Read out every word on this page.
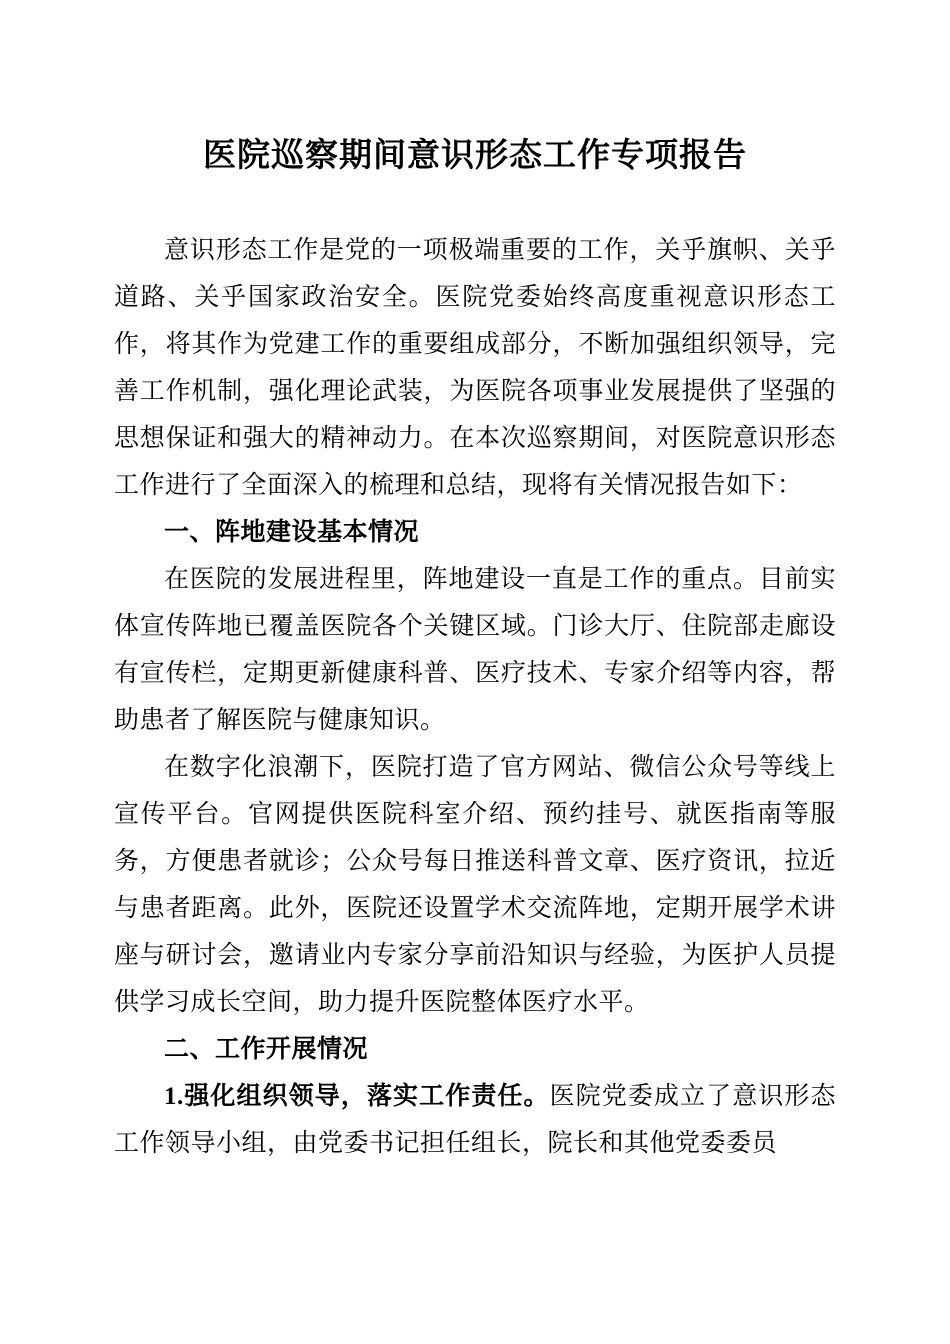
医院巡察期间意识形态工作专项报告

意识形态工作是党的一项极端重要的工作，关乎旗帜、关乎道路、关乎国家政治安全。医院党委始终高度重视意识形态工作，将其作为党建工作的重要组成部分，不断加强组织领导，完善工作机制，强化理论武装，为医院各项事业发展提供了坚强的思想保证和强大的精神动力。在本次巡察期间，对医院意识形态工作进行了全面深入的梳理和总结，现将有关情况报告如下：

一、阵地建设基本情况

在医院的发展进程里，阵地建设一直是工作的重点。目前实体宣传阵地已覆盖医院各个关键区域。门诊大厅、住院部走廊设有宣传栏，定期更新健康科普、医疗技术、专家介绍等内容，帮助患者了解医院与健康知识。

在数字化浪潮下，医院打造了官方网站、微信公众号等线上宣传平台。官网提供医院科室介绍、预约挂号、就医指南等服务，方便患者就诊；公众号每日推送科普文章、医疗资讯，拉近与患者距离。此外，医院还设置学术交流阵地，定期开展学术讲座与研讨会，邀请业内专家分享前沿知识与经验，为医护人员提供学习成长空间，助力提升医院整体医疗水平。

二、工作开展情况

1.强化组织领导，落实工作责任。医院党委成立了意识形态工作领导小组，由党委书记担任组长，院长和其他党委委员
